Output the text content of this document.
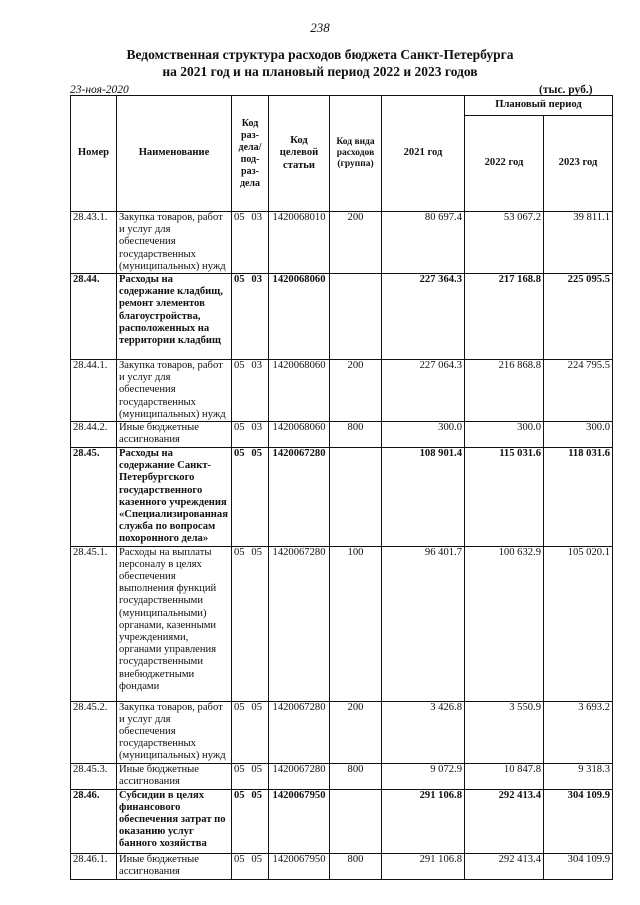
238
Ведомственная структура расходов бюджета Санкт-Петербурга
на 2021 год и на плановый период 2022 и 2023 годов
23-ноя-2020	(тыс. руб.)
Номер	Наименование	Код раз- дела/ под- раз- дела	Код целевой статьи	Код вида расходов (группа)	2021 год	Плановый период	
						2022 год	2023 год
28.43.1.	Закупка товаров, работ и услуг для обеспечения государственных (муниципальных) нужд	05 03	1420068010	200	80 697.4	53 067.2	39 811.1
28.44.	Расходы на содержание кладбищ, ремонт элементов благоустройства, расположенных на территории кладбищ	05 03	1420068060		227 364.3	217 168.8	225 095.5
28.44.1.	Закупка товаров, работ и услуг для обеспечения государственных (муниципальных) нужд	05 03	1420068060	200	227 064.3	216 868.8	224 795.5
28.44.2.	Иные бюджетные ассигнования	05 03	1420068060	800	300.0	300.0	300.0
28.45.	Расходы на содержание Санкт-Петербургского государственного казенного учреждения «Специализированная служба по вопросам похоронного дела»	05 05	1420067280		108 901.4	115 031.6	118 031.6
28.45.1.	Расходы на выплаты персоналу в целях обеспечения выполнения функций государственными (муниципальными) органами, казенными учреждениями, органами управления государственными внебюджетными фондами	05 05	1420067280	100	96 401.7	100 632.9	105 020.1
28.45.2.	Закупка товаров, работ и услуг для обеспечения государственных (муниципальных) нужд	05 05	1420067280	200	3 426.8	3 550.9	3 693.2
28.45.3.	Иные бюджетные ассигнования	05 05	1420067280	800	9 072.9	10 847.8	9 318.3
28.46.	Субсидии в целях финансового обеспечения затрат по оказанию услуг банного хозяйства	05 05	1420067950		291 106.8	292 413.4	304 109.9
28.46.1.	Иные бюджетные ассигнования	05 05	1420067950	800	291 106.8	292 413.4	304 109.9
